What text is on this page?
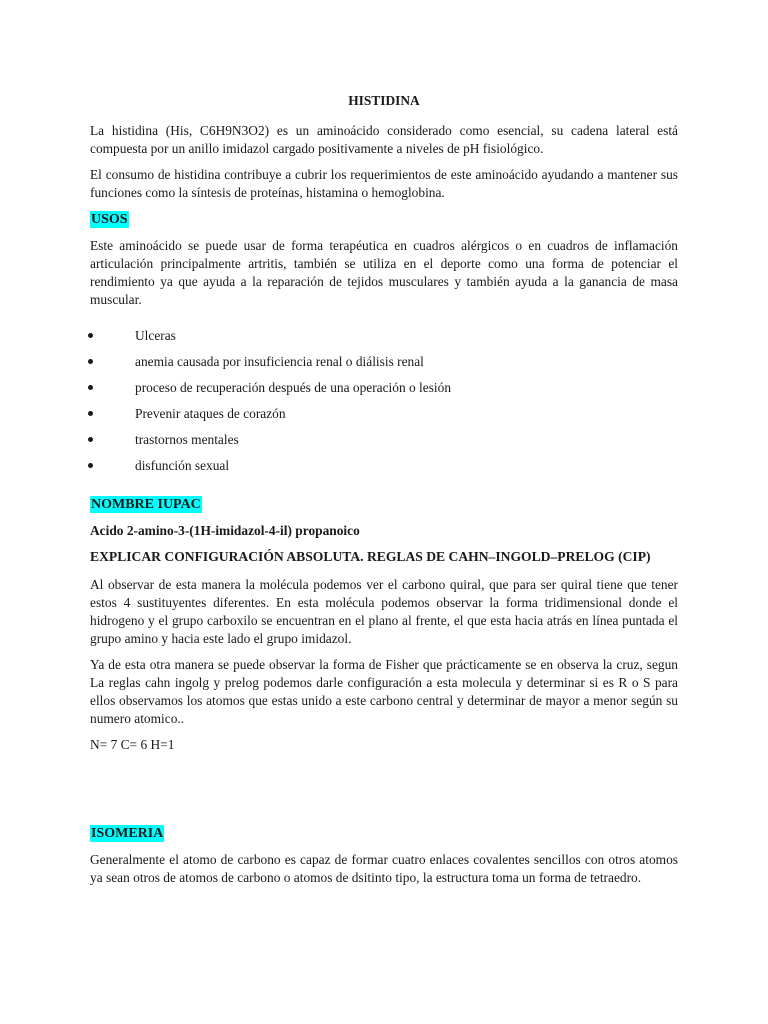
HISTIDINA

La histidina (His, C6H9N3O2) es un aminoácido considerado como esencial, su cadena lateral está compuesta por un anillo imidazol cargado positivamente a niveles de pH fisiológico.

El consumo de histidina contribuye a cubrir los requerimientos de este aminoácido ayudando a mantener sus funciones como la síntesis de proteínas, histamina o hemoglobina.

USOS

Este aminoácido se puede usar de forma terapéutica en cuadros alérgicos o en cuadros de inflamación articulación principalmente artritis, también se utiliza en el deporte como una forma de potenciar el rendimiento ya que ayuda a la reparación de tejidos musculares y también ayuda a la ganancia de masa muscular.

Ulceras
anemia causada por insuficiencia renal o diálisis renal
proceso de recuperación después de una operación o lesión
Prevenir ataques de corazón
trastornos mentales
disfunción sexual
NOMBRE IUPAC
Acido 2-amino-3-(1H-imidazol-4-il) propanoico
EXPLICAR CONFIGURACIÓN ABSOLUTA. REGLAS DE CAHN–INGOLD–PRELOG (CIP)

Al observar de esta manera la molécula podemos ver el carbono quiral, que para ser quiral tiene que tener estos 4 sustituyentes diferentes. En esta molécula podemos observar la forma tridimensional donde el hidrogeno y el grupo carboxilo se encuentran en el plano al frente, el que esta hacia atrás en línea puntada el grupo amino y hacia este lado el grupo imidazol.

Ya de esta otra manera se puede observar la forma de Fisher que prácticamente se en observa la cruz, segun La reglas cahn ingolg y prelog podemos darle configuración a esta molecula y determinar si es R o S para ellos observamos los atomos que estas unido a este carbono central y determinar de mayor a menor según su numero atomico..

N= 7 C= 6 H=1

ISOMERIA

Generalmente el atomo de carbono es capaz de formar cuatro enlaces covalentes sencillos con otros atomos ya sean otros de atomos de carbono o atomos de dsitinto tipo, la estructura toma un forma de tetraedro.
